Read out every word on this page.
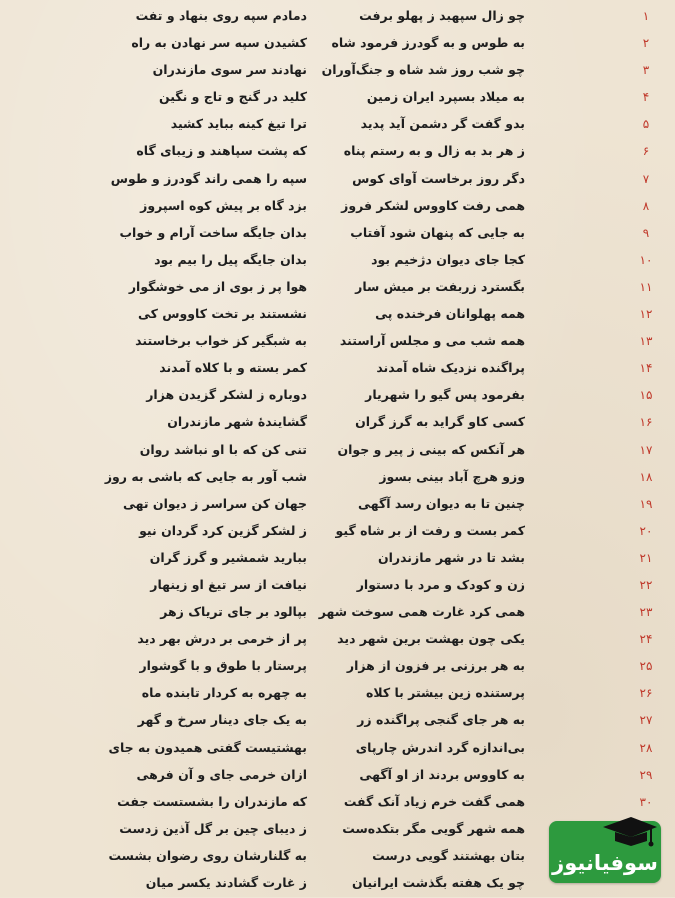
۱
چو زال سپهبد ز پهلو برفت
دمادم سپه روی بنهاد و تفت
۲
به طوس و به گودرز فرمود شاه
کشیدن سپه سر نهادن به راه
۳
چو شب روز شد شاه و جنگ‌آوران
نهادند سر سوی مازندران
۴
به میلاد بسپرد ایران زمین
کلید در گنج و تاج و نگین
۵
بدو گفت گر دشمن آید پدید
ترا تیغ کینه بباید کشید
۶
ز هر بد به زال و به رستم پناه
که پشت سپاهند و زیبای گاه
۷
دگر روز برخاست آوای کوس
سپه را همی راند گودرز و طوس
۸
همی رفت کاووس لشکر فروز
بزد گاه بر پیش کوه اسپروز
۹
به جایی که پنهان شود آفتاب
بدان جایگه ساخت آرام و خواب
۱۰
کجا جای دیوان دژخیم بود
بدان جایگه پیل را بیم بود
۱۱
بگسترد زربفت بر میش سار
هوا پر ز بوی از می خوشگوار
۱۲
همه پهلوانان فرخنده پی
نشستند بر تخت کاووس کی
۱۳
همه شب می و مجلس آراستند
به شبگیر کز خواب برخاستند
۱۴
پراگنده نزدیک شاه آمدند
کمر بسته و با کلاه آمدند
۱۵
بفرمود پس گیو را شهریار
دوباره ز لشکر گزیدن هزار
۱۶
کسی کاو گراید به گرز گران
گشایندهٔ شهر مازندران
۱۷
هر آنکس که بینی ز پیر و جوان
تنی کن که با او نباشد روان
۱۸
وزو هرچ آباد بینی بسوز
شب آور به جایی که باشی به روز
۱۹
چنین تا به دیوان رسد آگهی
جهان کن سراسر ز دیوان تهی
۲۰
کمر بست و رفت از بر شاه گیو
ز لشکر گزین کرد گردان نیو
۲۱
بشد تا در شهر مازندران
ببارید شمشیر و گرز گران
۲۲
زن و کودک و مرد با دستوار
نیافت از سر تیغ او زینهار
۲۳
همی کرد غارت همی سوخت شهر
بپالود بر جای تریاک زهر
۲۴
یکی چون بهشت برین شهر دید
پر از خرمی بر درش بهر دید
۲۵
به هر برزنی بر فزون از هزار
پرستار با طوق و با گوشوار
۲۶
پرستنده زین بیشتر با کلاه
به چهره به کردار تابنده ماه
۲۷
به هر جای گنجی پراگنده زر
به یک جای دینار سرخ و گهر
۲۸
بی‌اندازه گرد اندرش چارپای
بهشتیست گفتی همیدون به جای
۲۹
به کاووس بردند از او آگهی
ازان خرمی جای و آن فرهی
۳۰
همی گفت خرم زیاد آنک گفت
که مازندران را بشستست جفت
همه شهر گویی مگر بتکده‌ست
ز دیبای چین بر گل آذین زدست
بتان بهشتند گویی درست
به گلنارشان روی رضوان بشست
چو یک هفته بگذشت ایرانیان
ز غارت گشادند یکسر میان
سوفیانیوز
